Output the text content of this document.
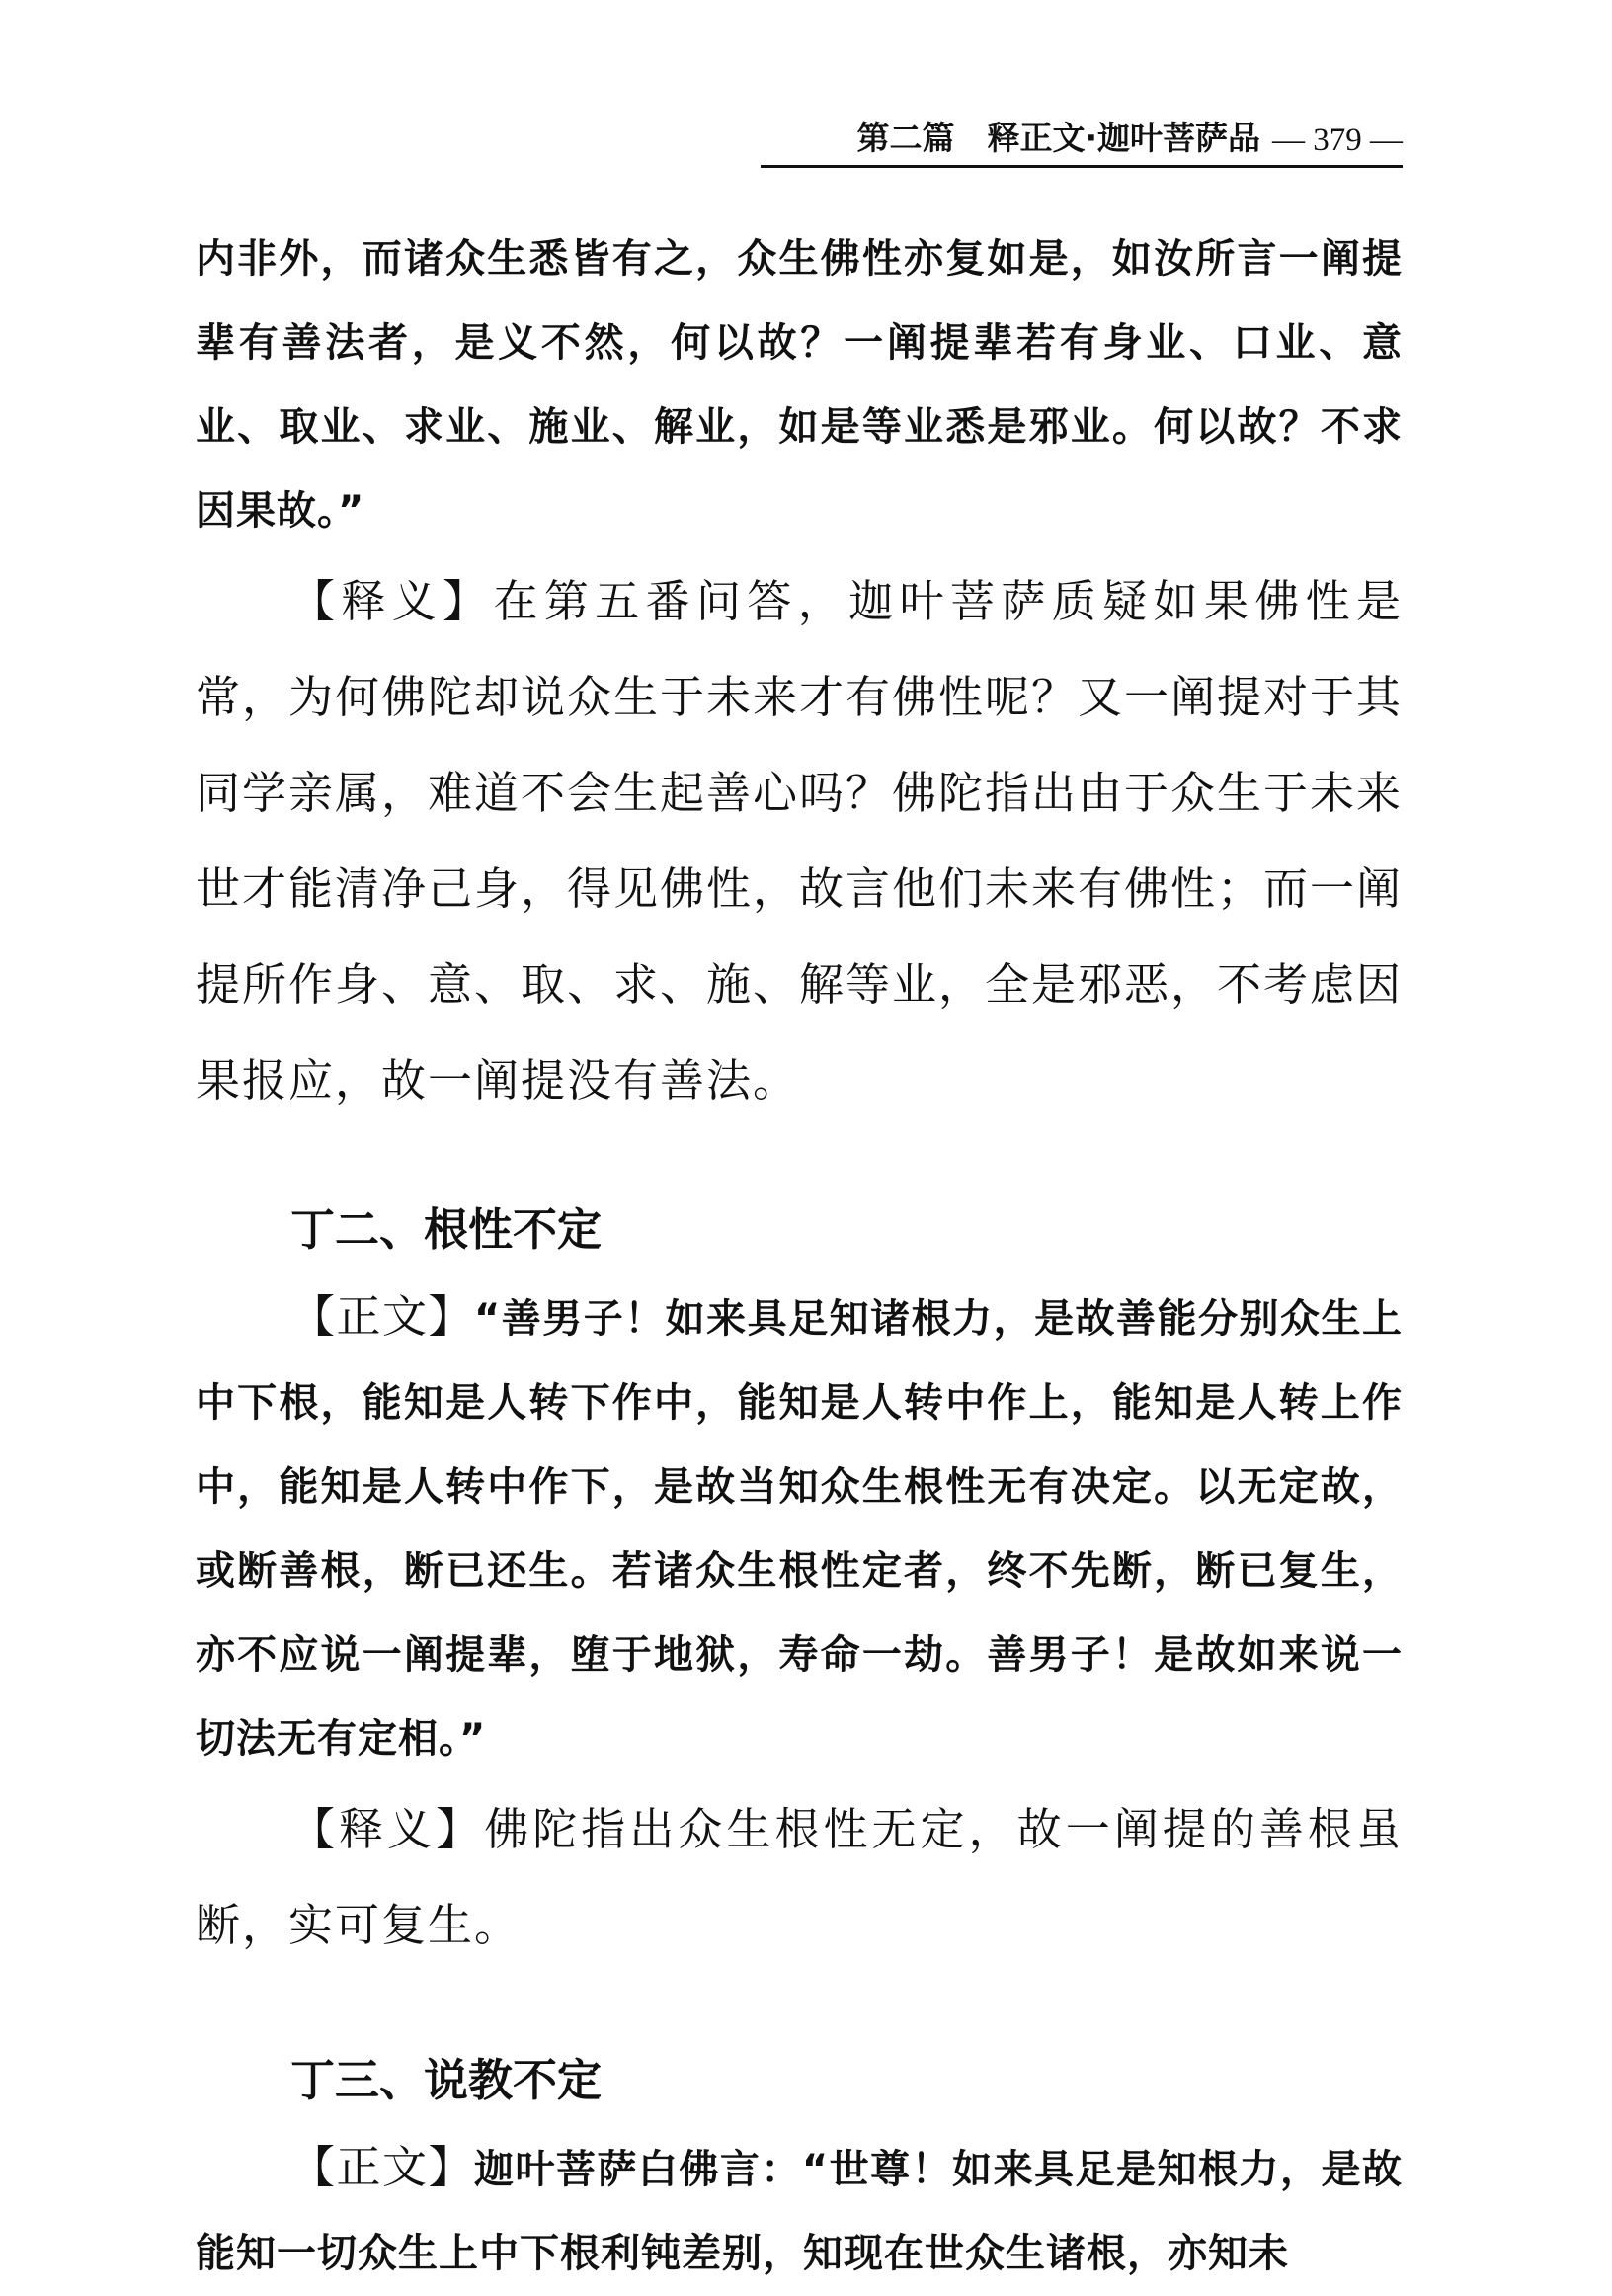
第二篇　释正文·迦叶菩萨品 — 379 —

内非外，而诸众生悉皆有之，众生佛性亦复如是，如汝所言一阐提辈有善法者，是义不然，何以故？一阐提辈若有身业、口业、意业、取业、求业、施业、解业，如是等业悉是邪业。何以故？不求因果故。”

【释义】在第五番问答，迦叶菩萨质疑如果佛性是常，为何佛陀却说众生于未来才有佛性呢？又一阐提对于其同学亲属，难道不会生起善心吗？佛陀指出由于众生于未来世才能清净己身，得见佛性，故言他们未来有佛性；而一阐提所作身、意、取、求、施、解等业，全是邪恶，不考虑因果报应，故一阐提没有善法。

丁二、根性不定

【正文】“善男子！如来具足知诸根力，是故善能分别众生上中下根，能知是人转下作中，能知是人转中作上，能知是人转上作中，能知是人转中作下，是故当知众生根性无有决定。以无定故，或断善根，断已还生。若诸众生根性定者，终不先断，断已复生，亦不应说一阐提辈，堕于地狱，寿命一劫。善男子！是故如来说一切法无有定相。”

【释义】佛陀指出众生根性无定，故一阐提的善根虽断，实可复生。

丁三、说教不定

【正文】迦叶菩萨白佛言：“世尊！如来具足是知根力，是故能知一切众生上中下根利钝差别，知现在世众生诸根，亦知未
